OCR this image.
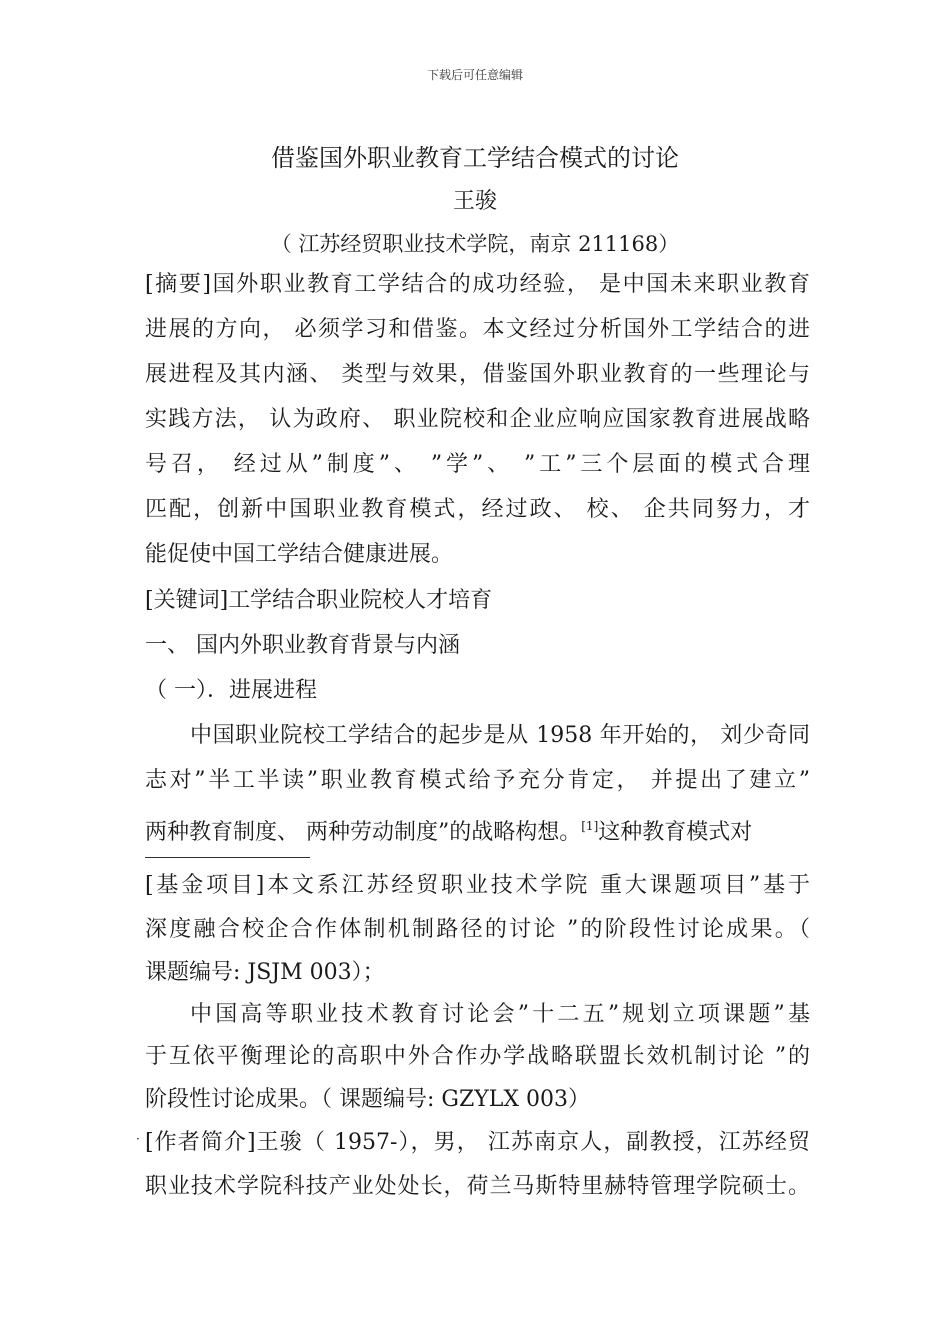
下载后可任意编辑
借鉴国外职业教育工学结合模式的讨论
王骏
（ 江苏经贸职业技术学院，南京 211168）
[摘要]国外职业教育工学结合的成功经验， 是中国未来职业教育
进展的方向， 必须学习和借鉴。本文经过分析国外工学结合的进
展进程及其内涵、 类型与效果，借鉴国外职业教育的一些理论与
实践方法， 认为政府、 职业院校和企业应响应国家教育进展战略
号召， 经过从”制度”、 ”学”、 ”工”三个层面的模式合理
匹配，创新中国职业教育模式，经过政、 校、 企共同努力，才
能促使中国工学结合健康进展。
[关键词]工学结合职业院校人才培育
一、 国内外职业教育背景与内涵
（ 一）．进展进程
中国职业院校工学结合的起步是从 1958 年开始的， 刘少奇同
志对”半工半读”职业教育模式给予充分肯定， 并提出了建立”
两种教育制度、 两种劳动制度”的战略构想。[1]这种教育模式对
[基金项目]本文系江苏经贸职业技术学院 重大课题项目”基于
深度融合校企合作体制机制路径的讨论 ”的阶段性讨论成果。（
课题编号: JSJM 003）；
中国高等职业技术教育讨论会”十二五”规划立项课题”基
于互依平衡理论的高职中外合作办学战略联盟长效机制讨论 ”的
阶段性讨论成果。（ 课题编号: GZYLX 003）
· [作者简介]王骏（ 1957-），男， 江苏南京人，副教授，江苏经贸
职业技术学院科技产业处处长，荷兰马斯特里赫特管理学院硕士。
